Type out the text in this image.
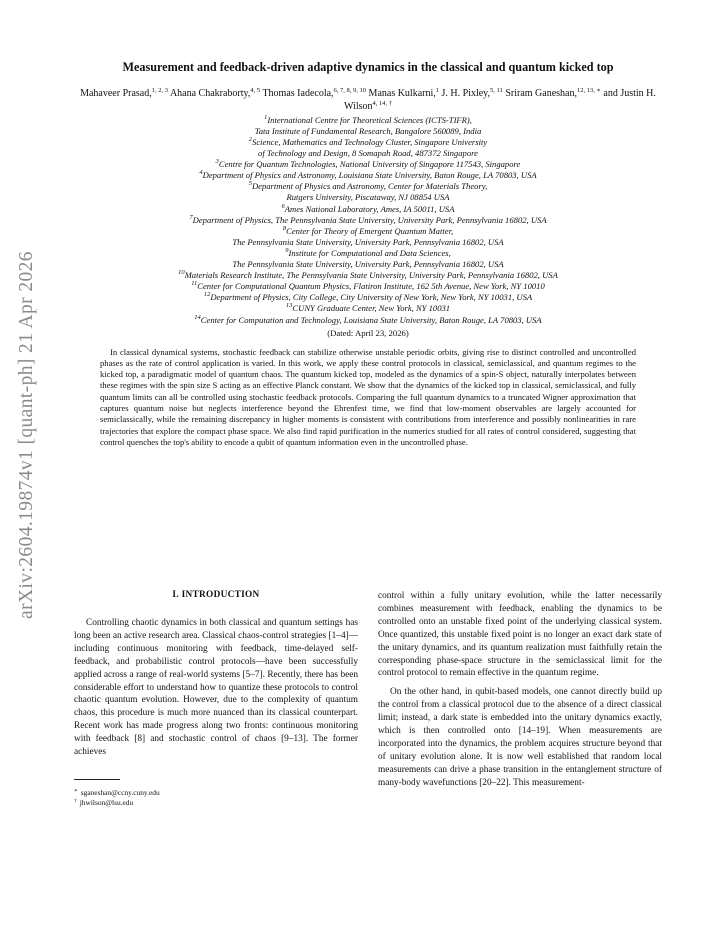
arXiv:2604.19874v1 [quant-ph] 21 Apr 2026
Measurement and feedback-driven adaptive dynamics in the classical and quantum kicked top
Mahaveer Prasad,$^{1, 2, 3}$ Ahana Chakraborty,$^{4, 5}$ Thomas Iadecola,$^{6, 7, 8, 9, 10}$ Manas Kulkarni,$^1$ J. H. Pixley,$^{5, 11}$ Sriram Ganeshan,$^{12, 13, ∗}$ and Justin H. Wilson$^{4, 14, \dagger}$
$^1$International Centre for Theoretical Sciences (ICTS-TIFR),
Tata Institute of Fundamental Research, Bangalore 560089, India
$^2$Science, Mathematics and Technology Cluster, Singapore University
of Technology and Design, 8 Somapah Road, 487372 Singapore
$^3$Centre for Quantum Technologies, National University of Singapore 117543, Singapore
$^4$Department of Physics and Astronomy, Louisiana State University, Baton Rouge, LA 70803, USA
$^5$Department of Physics and Astronomy, Center for Materials Theory,
Rutgers University, Piscataway, NJ 08854 USA
$^6$Ames National Laboratory, Ames, IA 50011, USA
$^7$Department of Physics, The Pennsylvania State University, University Park, Pennsylvania 16802, USA
$^8$Center for Theory of Emergent Quantum Matter,
The Pennsylvania State University, University Park, Pennsylvania 16802, USA
$^9$Institute for Computational and Data Sciences,
The Pennsylvania State University, University Park, Pennsylvania 16802, USA
$^{10}$Materials Research Institute, The Pennsylvania State University, University Park, Pennsylvania 16802, USA
$^{11}$Center for Computational Quantum Physics, Flatiron Institute, 162 5th Avenue, New York, NY 10010
$^{12}$Department of Physics, City College, City University of New York, New York, NY 10031, USA
$^{13}$CUNY Graduate Center, New York, NY 10031
$^{14}$Center for Computation and Technology, Louisiana State University, Baton Rouge, LA 70803, USA
(Dated: April 23, 2026)
In classical dynamical systems, stochastic feedback can stabilize otherwise unstable periodic orbits, giving rise to distinct controlled and uncontrolled phases as the rate of control application is varied. In this work, we apply these control protocols in classical, semiclassical, and quantum regimes to the kicked top, a paradigmatic model of quantum chaos. The quantum kicked top, modeled as the dynamics of a spin-S object, naturally interpolates between these regimes with the spin size S acting as an effective Planck constant. We show that the dynamics of the kicked top in classical, semiclassical, and fully quantum limits can all be controlled using stochastic feedback protocols. Comparing the full quantum dynamics to a truncated Wigner approximation that captures quantum noise but neglects interference beyond the Ehrenfest time, we find that low-moment observables are largely accounted for semiclassically, while the remaining discrepancy in higher moments is consistent with contributions from interference and possibly nonlinearities in rare trajectories that explore the compact phase space. We also find rapid purification in the numerics studied for all rates of control considered, suggesting that control quenches the top's ability to encode a qubit of quantum information even in the uncontrolled phase.
I. INTRODUCTION

Controlling chaotic dynamics in both classical and quantum settings has long been an active research area. Classical chaos-control strategies [1–4]—including continuous monitoring with feedback, time-delayed self-feedback, and probabilistic control protocols—have been successfully applied across a range of real-world systems [5–7]. Recently, there has been considerable effort to understand how to quantize these protocols to control chaotic quantum evolution. However, due to the complexity of quantum chaos, this procedure is much more nuanced than its classical counterpart. Recent work has made progress along two fronts: continuous monitoring with feedback [8] and stochastic control of chaos [9–13]. The former achieves

∗ sganeshan@ccny.cuny.edu
† jhwilson@lsu.edu

control within a fully unitary evolution, while the latter necessarily combines measurement with feedback, enabling the dynamics to be controlled onto an unstable fixed point of the underlying classical system. Once quantized, this unstable fixed point is no longer an exact dark state of the unitary dynamics, and its quantum realization must faithfully retain the corresponding phase-space structure in the semiclassical limit for the control protocol to remain effective in the quantum regime.

On the other hand, in qubit-based models, one cannot directly build up the control from a classical protocol due to the absence of a direct classical limit; instead, a dark state is embedded into the unitary dynamics exactly, which is then controlled onto [14–19]. When measurements are incorporated into the dynamics, the problem acquires structure beyond that of unitary evolution alone. It is now well established that random local measurements can drive a phase transition in the entanglement structure of many-body wavefunctions [20–22]. This measurement-
